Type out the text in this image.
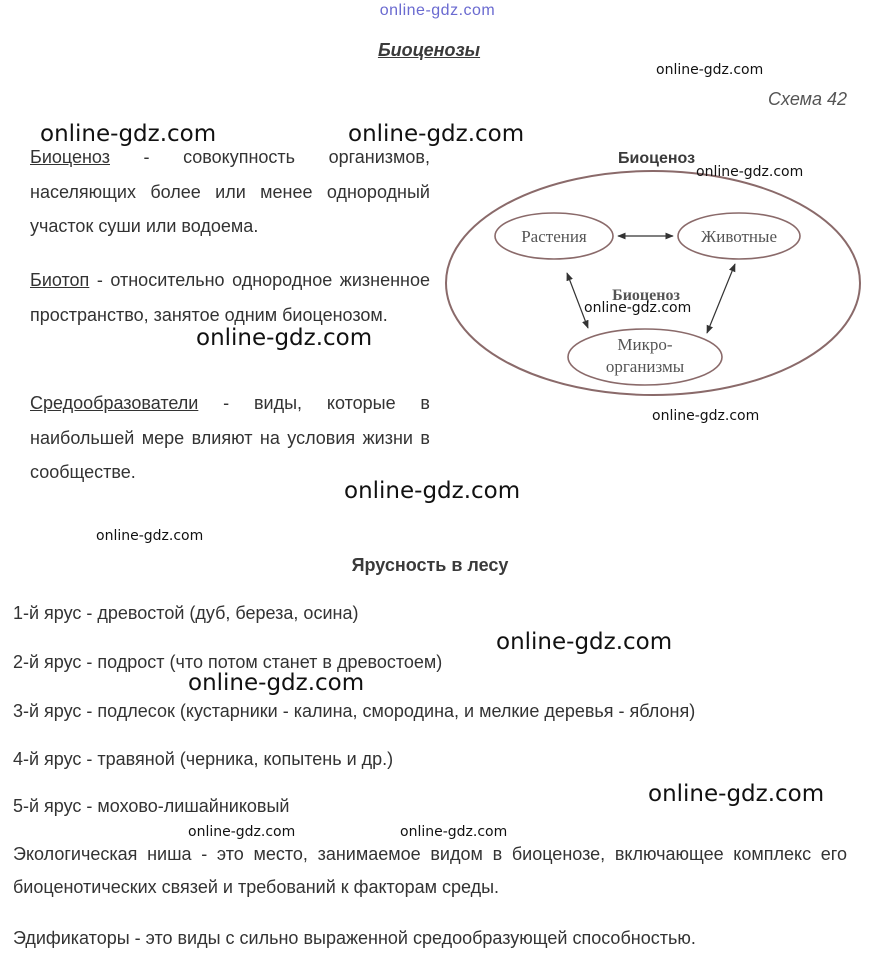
online-gdz.com
Биоценозы
Схема 42
Биоценоз - совокупность организмов, населяющих более или менее однородный участок суши или водоема.
Биотоп - относительно однородное жизненное пространство, занятое одним биоценозом.
Средообразователи - виды, которые в наибольшей мере влияют на условия жизни в сообществе.
Биоценоз
Растения	Животные
Микро-
организмы
Биоценоз
Ярусность в лесу
1-й ярус - древостой (дуб, береза, осина)
2-й ярус - подрост (что потом станет в древостоем)
3-й ярус - подлесок (кустарники - калина, смородина, и мелкие деревья - яблоня)
4-й ярус - травяной (черника, копытень и др.)
5-й ярус - мохово-лишайниковый
Экологическая ниша - это место, занимаемое видом в биоценозе, включающее комплекс его биоценотических связей и требований к факторам среды.
Эдификаторы - это виды с сильно выраженной средообразующей способностью.
online-gdz.com
online-gdz.com	online-gdz.com
online-gdz.com
online-gdz.com
online-gdz.com
online-gdz.com
online-gdz.com
online-gdz.com
online-gdz.com
online-gdz.com
online-gdz.com
online-gdz.com	online-gdz.com
